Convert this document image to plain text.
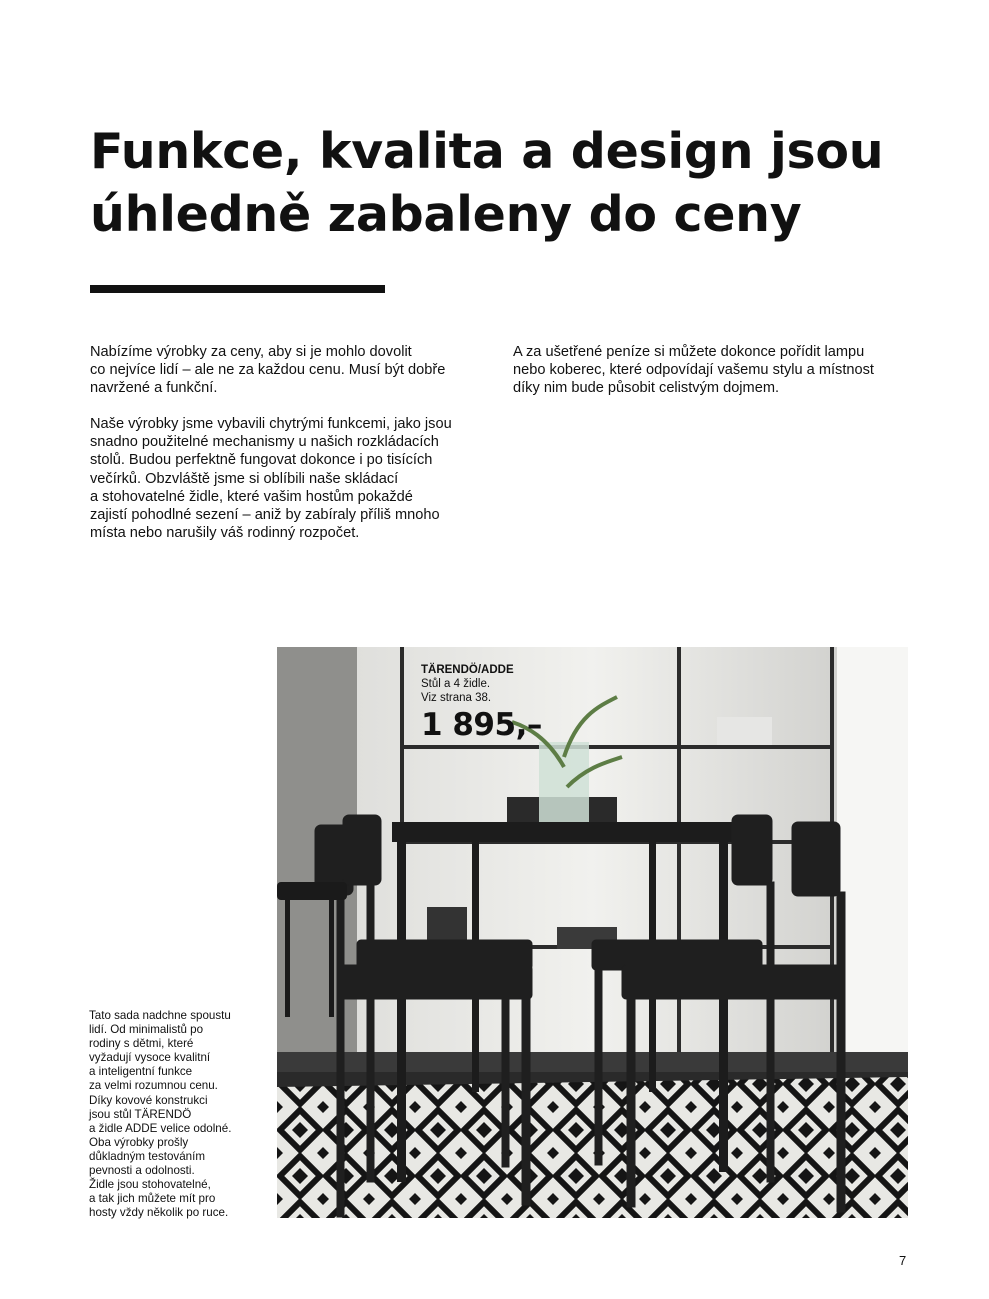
Funkce, kvalita a design jsou
úhledně zabaleny do ceny

Nabízíme výrobky za ceny, aby si je mohlo dovolit
co nejvíce lidí – ale ne za každou cenu. Musí být dobře
navržené a funkční.

Naše výrobky jsme vybavili chytrými funkcemi, jako jsou
snadno použitelné mechanismy u našich rozkládacích
stolů. Budou perfektně fungovat dokonce i po tisících
večírků. Obzvláště jsme si oblíbili naše skládací
a stohovatelné židle, které vašim hostům pokaždé
zajistí pohodlné sezení – aniž by zabíraly příliš mnoho
místa nebo narušily váš rodinný rozpočet.

A za ušetřené peníze si můžete dokonce pořídit lampu
nebo koberec, které odpovídají vašemu stylu a místnost
díky nim bude působit celistvým dojmem.

TÄRENDÖ/ADDE
Stůl a 4 židle.
Viz strana 38.
1 895,–
Tato sada nadchne spoustu
lidí. Od minimalistů po
rodiny s dětmi, které
vyžadují vysoce kvalitní
a inteligentní funkce
za velmi rozumnou cenu.
Díky kovové konstrukci
jsou stůl TÄRENDÖ
a židle ADDE velice odolné.
Oba výrobky prošly
důkladným testováním
pevnosti a odolnosti.
Židle jsou stohovatelné,
a tak jich můžete mít pro
hosty vždy několik po ruce.
7
